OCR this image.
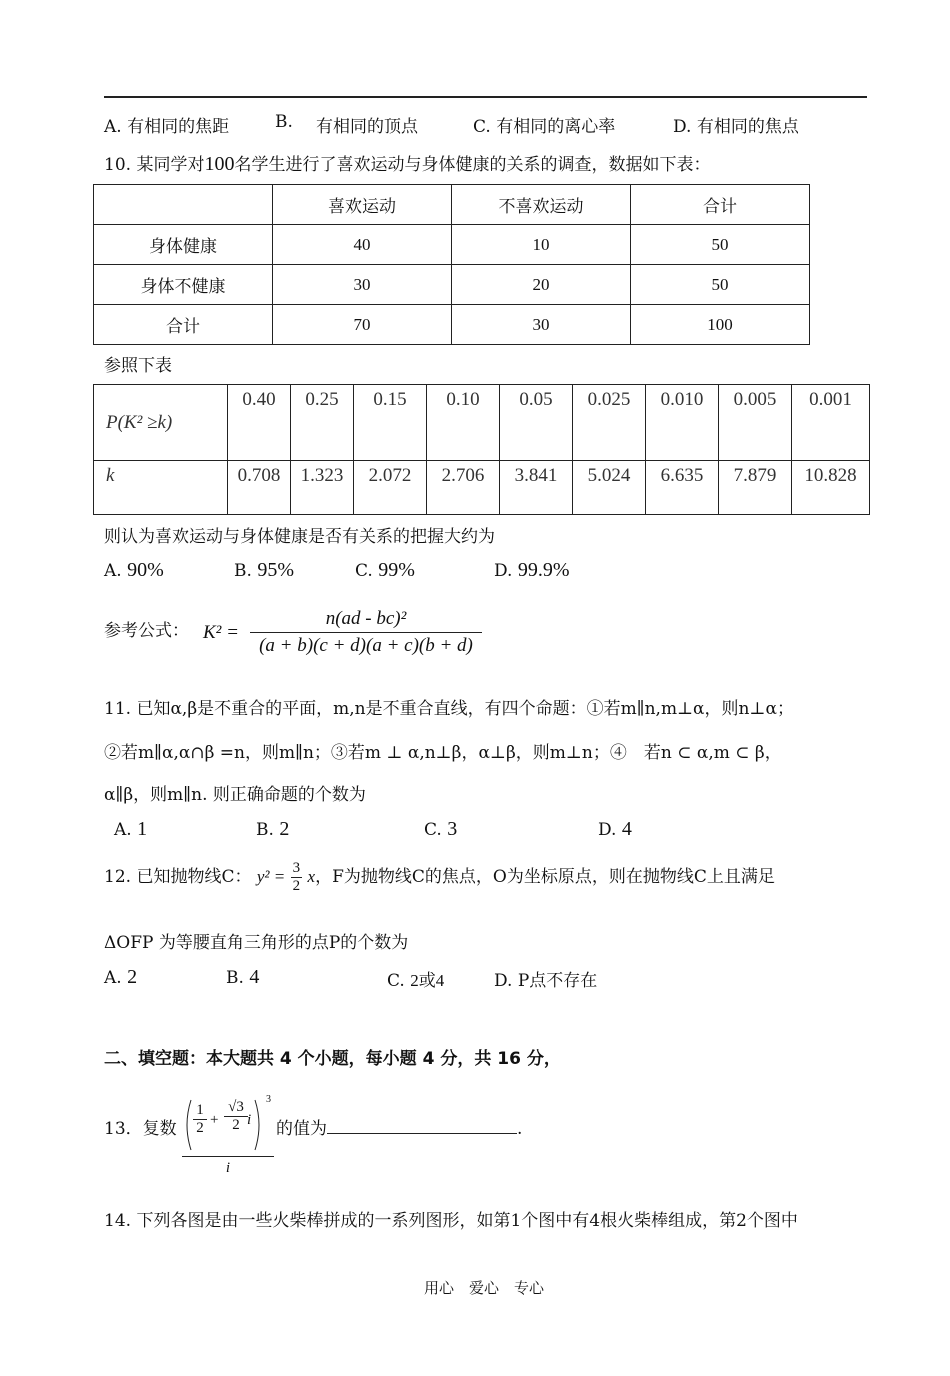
A. 有相同的焦距	B. 有相同的顶点	C. 有相同的离心率	D. 有相同的焦点
10. 某同学对100名学生进行了喜欢运动与身体健康的关系的调查，数据如下表：
	喜欢运动	不喜欢运动	合计
身体健康	40	10	50
身体不健康	30	20	50
合计	70	30	100
参照下表
P(K² ≥k)	0.40	0.25	0.15	0.10	0.05	0.025	0.010	0.005	0.001
k	0.708	1.323	2.072	2.706	3.841	5.024	6.635	7.879	10.828
则认为喜欢运动与身体健康是否有关系的把握大约为
A. 90%	B. 95%	C. 99%	D. 99.9%
参考公式： $K^2 = \frac{\text{n(ad - bc)²}}{(a + b)(c + d)(a + c)(b + d)}$
11. 已知α,β是不重合的平面，m,n是不重合直线，有四个命题：①若m∥n,m⊥α，则n⊥α；
②若m∥α,α∩β =n，则m∥n；③若m ⊥ α,n⊥β，α⊥β，则m⊥n；④　若n ⊂ α,m ⊂ β，
α∥β，则m∥n. 则正确命题的个数为
A. 1	B. 2	C. 3	D. 4
12. 已知抛物线C： $y^2 = \frac{3}{2}$ x，F为抛物线C的焦点，O为坐标原点，则在抛物线C上且满足
ΔOFP 为等腰直角三角形的点P的个数为
A. 2	B. 4	C. 2或4	D. P点不存在
二、填空题：本大题共 4 个小题，每小题 4 分，共 16 分，
13．复数 1
2 +
√3
2 i
3
i 的值为	.
14. 下列各图是由一些火柴棒拼成的一系列图形，如第1个图中有4根火柴棒组成，第2个图中
用心　爱心　专心
